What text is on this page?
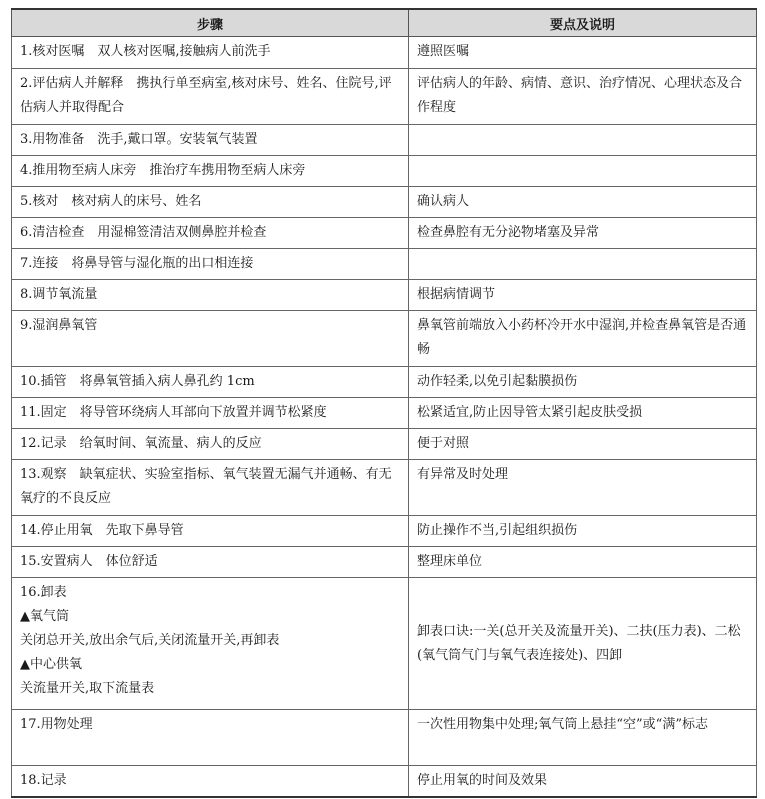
步骤	要点及说明
1.核对医嘱　双人核对医嘱,接触病人前洗手	遵照医嘱
2.评估病人并解释　携执行单至病室,核对床号、姓名、住院号,评估病人并取得配合	评估病人的年龄、病情、意识、治疗情况、心理状态及合作程度
3.用物准备　洗手,戴口罩。安装氧气装置	
4.推用物至病人床旁　推治疗车携用物至病人床旁	
5.核对　核对病人的床号、姓名	确认病人
6.清洁检查　用湿棉签清洁双侧鼻腔并检查	检查鼻腔有无分泌物堵塞及异常
7.连接　将鼻导管与湿化瓶的出口相连接	
8.调节氧流量	根据病情调节
9.湿润鼻氧管	鼻氧管前端放入小药杯冷开水中湿润,并检查鼻氧管是否通畅
10.插管　将鼻氧管插入病人鼻孔约 1cm	动作轻柔,以免引起黏膜损伤
11.固定　将导管环绕病人耳部向下放置并调节松紧度	松紧适宜,防止因导管太紧引起皮肤受损
12.记录　给氧时间、氧流量、病人的反应	便于对照
13.观察　缺氧症状、实验室指标、氧气装置无漏气并通畅、有无氧疗的不良反应	有异常及时处理
14.停止用氧　先取下鼻导管	防止操作不当,引起组织损伤
15.安置病人　体位舒适	整理床单位

16.卸表
▲氧气筒
关闭总开关,放出余气后,关闭流量开关,再卸表
▲中心供氧
关流量开关,取下流量表	卸表口诀:一关(总开关及流量开关)、二扶(压力表)、二松(氧气筒气门与氧气表连接处)、四卸
17.用物处理	一次性用物集中处理;氧气筒上悬挂“空”或“满”标志
18.记录	停止用氧的时间及效果
